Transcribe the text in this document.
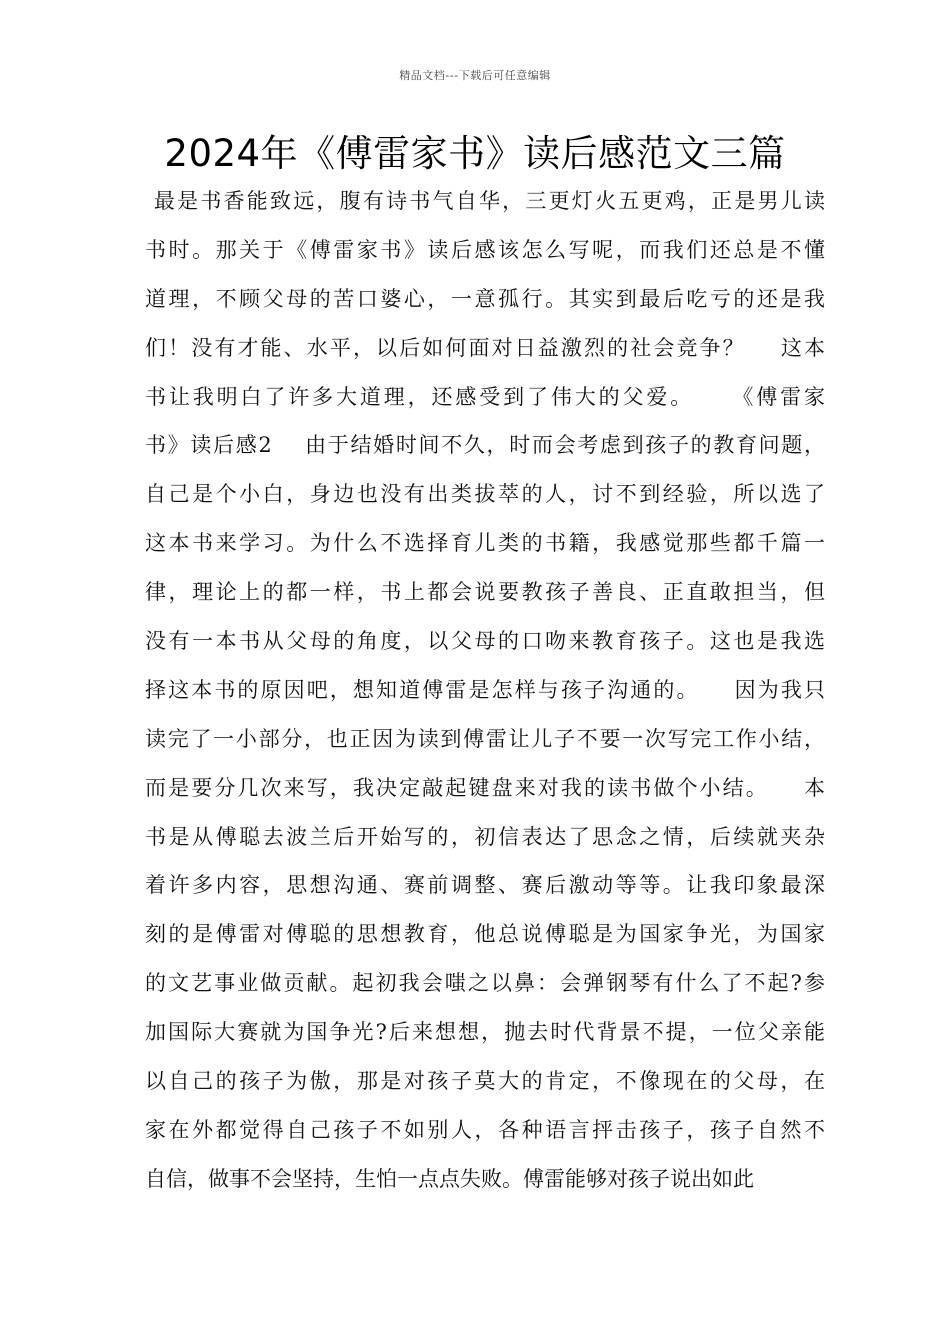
精品文档---下载后可任意编辑
2024年《傅雷家书》读后感范文三篇
最是书香能致远，腹有诗书气自华，三更灯火五更鸡，正是男儿读
书时。那关于《傅雷家书》读后感该怎么写呢，而我们还总是不懂
道理，不顾父母的苦口婆心，一意孤行。其实到最后吃亏的还是我
们！没有才能、水平，以后如何面对日益激烈的社会竞争？    这本
书让我明白了许多大道理，还感受到了伟大的父爱。    《傅雷家
书》读后感2    由于结婚时间不久，时而会考虑到孩子的教育问题，
自己是个小白，身边也没有出类拔萃的人，讨不到经验，所以选了
这本书来学习。为什么不选择育儿类的书籍，我感觉那些都千篇一
律，理论上的都一样，书上都会说要教孩子善良、正直敢担当，但
没有一本书从父母的角度，以父母的口吻来教育孩子。这也是我选
择这本书的原因吧，想知道傅雷是怎样与孩子沟通的。    因为我只
读完了一小部分，也正因为读到傅雷让儿子不要一次写完工作小结，
而是要分几次来写，我决定敲起键盘来对我的读书做个小结。    本
书是从傅聪去波兰后开始写的，初信表达了思念之情，后续就夹杂
着许多内容，思想沟通、赛前调整、赛后激动等等。让我印象最深
刻的是傅雷对傅聪的思想教育，他总说傅聪是为国家争光，为国家
的文艺事业做贡献。起初我会嗤之以鼻：会弹钢琴有什么了不起?参
加国际大赛就为国争光?后来想想，抛去时代背景不提，一位父亲能
以自己的孩子为傲，那是对孩子莫大的肯定，不像现在的父母，在
家在外都觉得自己孩子不如别人，各种语言抨击孩子，孩子自然不
自信，做事不会坚持，生怕一点点失败。傅雷能够对孩子说出如此
